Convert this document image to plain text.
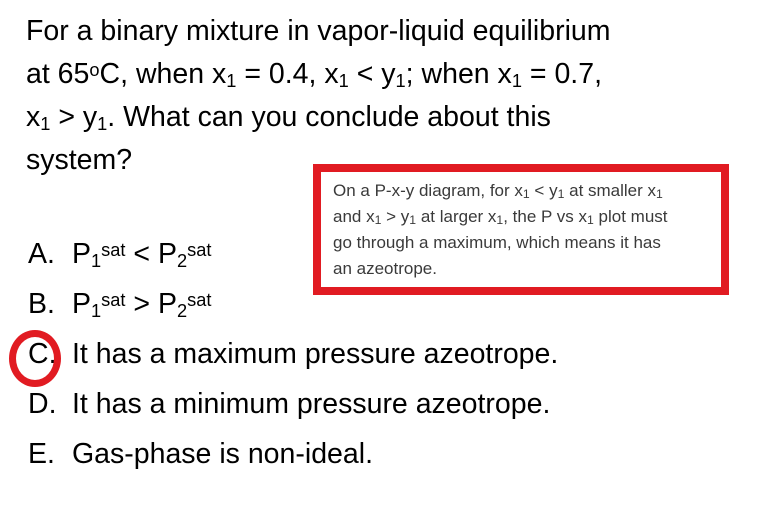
For a binary mixture in vapor-liquid equilibrium
at 65$^o$C, when $x_1 = 0.4$, $x_1 < y_1$; when $x_1 = 0.7$,
$x_1 > y_1$. What can you conclude about this
system?
On a P-x-y diagram, for $x_1 < y_1$ at smaller $x_1$
and $x_1 > y_1$ at larger $x_1$, the P vs $x_1$ plot must
go through a maximum, which means it has
an azeotrope.
A. $P_1^{sat} < P_2^{sat}$
B. $P_1^{sat} > P_2^{sat}$
C. It has a maximum pressure azeotrope.
D. It has a minimum pressure azeotrope.
E. Gas-phase is non-ideal.
